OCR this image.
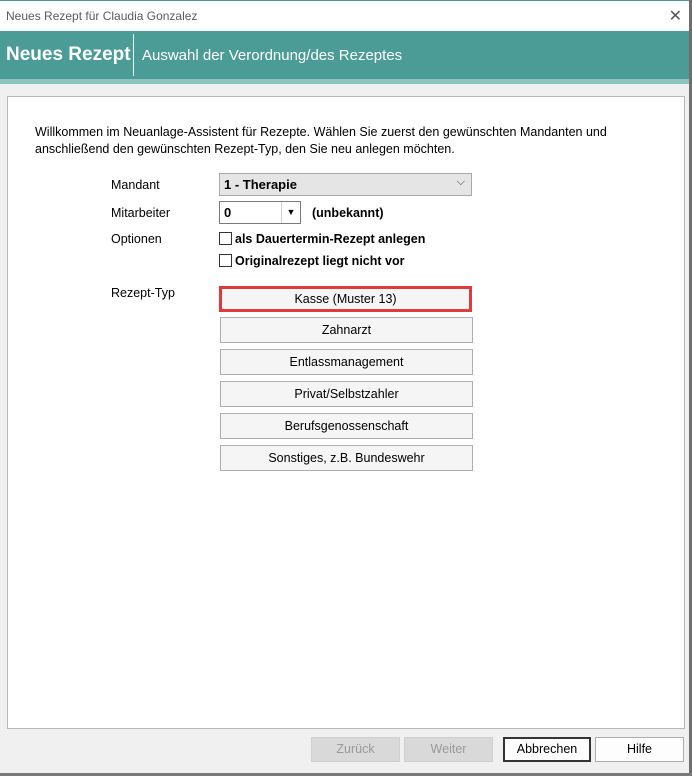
Neues Rezept für Claudia Gonzalez	✕
Neues Rezept Auswahl der Verordnung/des Rezeptes
Willkommen im Neuanlage-Assistent für Rezepte. Wählen Sie zuerst den gewünschten Mandanten und anschließend den gewünschten Rezept-Typ, den Sie neu anlegen möchten.
Mandant	1 - Therapie	⌵
Mitarbeiter	0	▼	(unbekannt)
Optionen	als Dauertermin-Rezept anlegen
Originalrezept liegt nicht vor
Rezept-Typ	Kasse (Muster 13)
Zahnarzt
Entlassmanagement
Privat/Selbstzahler
Berufsgenossenschaft
Sonstiges, z.B. Bundeswehr
Zurück	Weiter	Abbrechen	Hilfe
